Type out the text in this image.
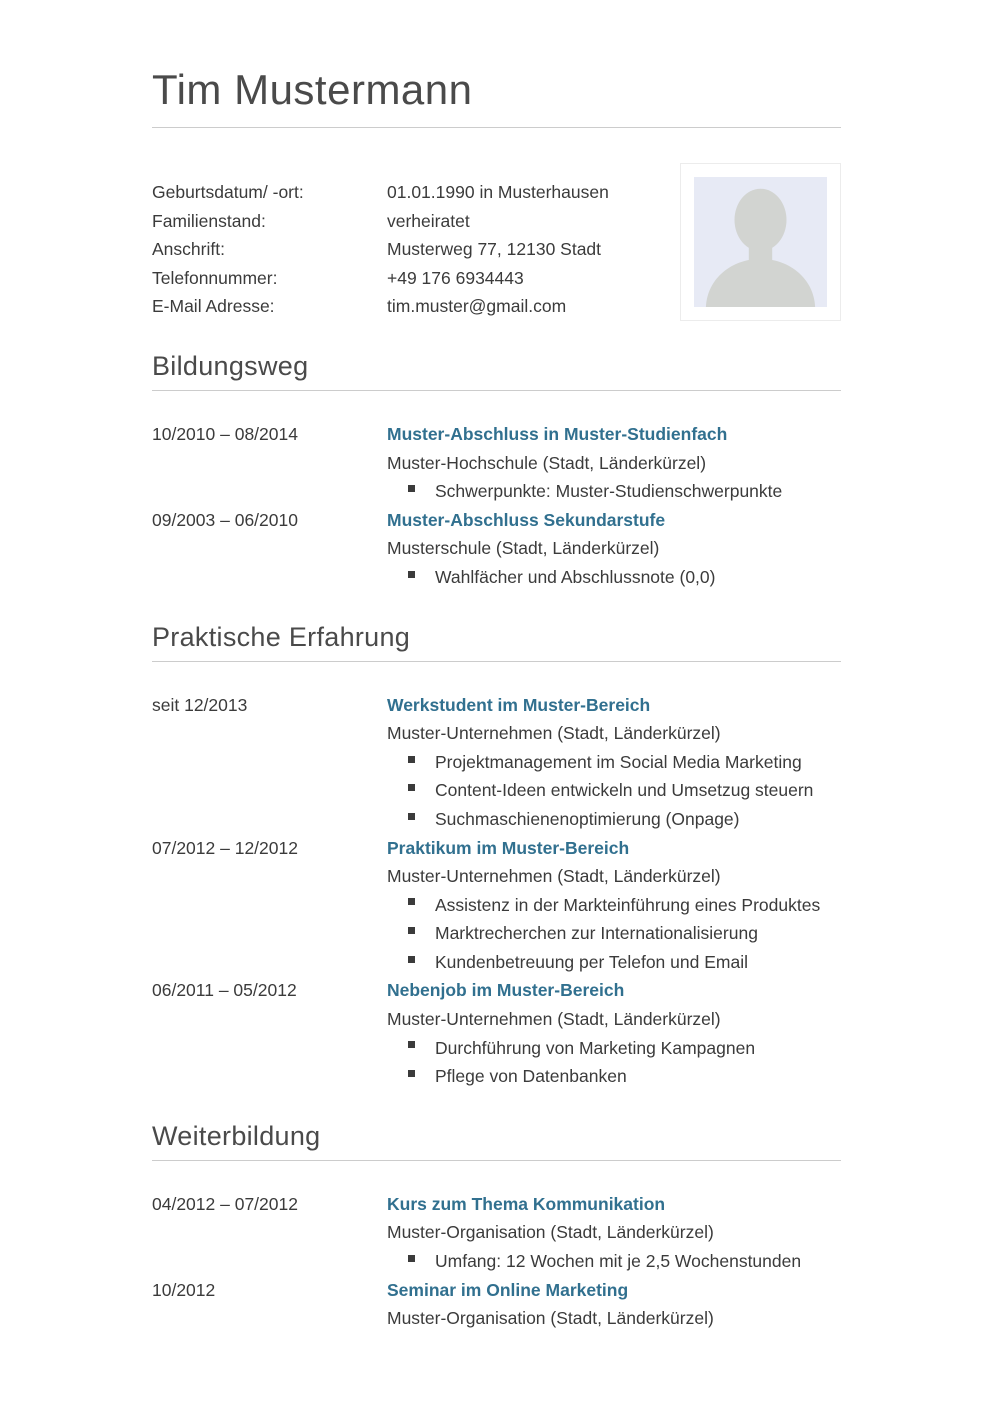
Tim Mustermann
Geburtsdatum/ -ort:	01.01.1990 in Musterhausen
Familienstand:	verheiratet
Anschrift:	Musterweg 77, 12130 Stadt
Telefonnummer:	+49 176 6934443
E-Mail Adresse:	tim.muster@gmail.com
Bildungsweg
10/2010 – 08/2014	Muster-Abschluss in Muster-Studienfach
Muster-Hochschule (Stadt, Länderkürzel)
Schwerpunkte: Muster-Studienschwerpunkte
09/2003 – 06/2010	Muster-Abschluss Sekundarstufe
Musterschule (Stadt, Länderkürzel)
Wahlfächer und Abschlussnote (0,0)
Praktische Erfahrung
seit 12/2013	Werkstudent im Muster-Bereich
Muster-Unternehmen (Stadt, Länderkürzel)
Projektmanagement im Social Media Marketing
Content-Ideen entwickeln und Umsetzug steuern
Suchmaschienenoptimierung (Onpage)
07/2012 – 12/2012	Praktikum im Muster-Bereich
Muster-Unternehmen (Stadt, Länderkürzel)
Assistenz in der Markteinführung eines Produktes
Marktrecherchen zur Internationalisierung
Kundenbetreuung per Telefon und Email
06/2011 – 05/2012	Nebenjob im Muster-Bereich
Muster-Unternehmen (Stadt, Länderkürzel)
Durchführung von Marketing Kampagnen
Pflege von Datenbanken
Weiterbildung
04/2012 – 07/2012	Kurs zum Thema Kommunikation
Muster-Organisation (Stadt, Länderkürzel)
Umfang: 12 Wochen mit je 2,5 Wochenstunden
10/2012	Seminar im Online Marketing
Muster-Organisation (Stadt, Länderkürzel)
